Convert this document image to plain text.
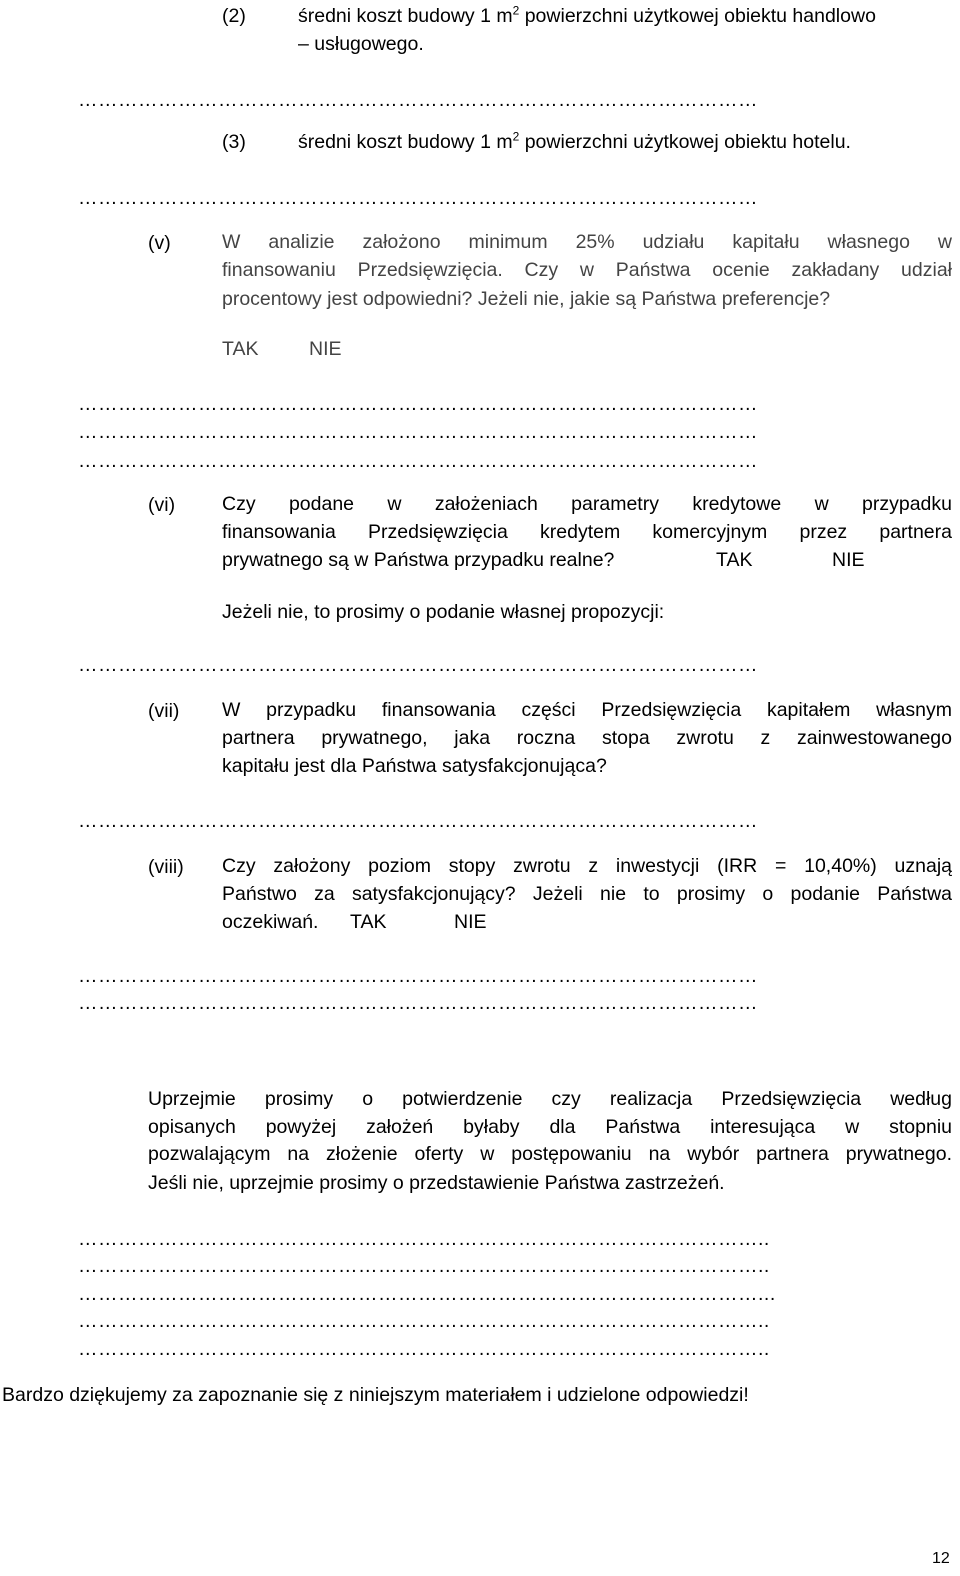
(2)	średni koszt budowy 1 $m^2$ powierzchni użytkowej obiektu handlowo
– usługowego.
…………………………………………………………………………………………
(3)	średni koszt budowy 1 $m^2$ powierzchni użytkowej obiektu hotelu.
…………………………………………………………………………………………
(v)	W analizie założono minimum 25% udziału kapitału własnego w
finansowaniu Przedsięwzięcia. Czy w Państwa ocenie zakładany udział
procentowy jest odpowiedni? Jeżeli nie, jakie są Państwa preferencje?
TAK	NIE
…………………………………………………………………………………………
…………………………………………………………………………………………
…………………………………………………………………………………………
(vi) Czy podane w założeniach parametry kredytowe w przypadku
finansowania Przedsięwzięcia kredytem komercyjnym przez partnera
prywatnego są w Państwa przypadku realne?	TAK	NIE
Jeżeli nie, to prosimy o podanie własnej propozycji:
…………………………………………………………………………………………
(vii) W przypadku finansowania części Przedsięwzięcia kapitałem własnym
partnera prywatnego, jaka roczna stopa zwrotu z zainwestowanego
kapitału jest dla Państwa satysfakcjonująca?
…………………………………………………………………………………………
(viii) Czy założony poziom stopy zwrotu z inwestycji (IRR = 10,40%) uznają
Państwo za satysfakcjonujący? Jeżeli nie to prosimy o podanie Państwa
oczekiwań. TAK	NIE
…………………………………………………………………………………………
…………………………………………………………………………………………
Uprzejmie prosimy o potwierdzenie czy realizacja Przedsięwzięcia według
opisanych powyżej założeń byłaby dla Państwa interesująca w stopniu
pozwalającym na złożenie oferty w postępowaniu na wybór partnera prywatnego.
Jeśli nie, uprzejmie prosimy o przedstawienie Państwa zastrzeżeń.
…………………………………………………………………………………………..
…………………………………………………………………………………………..
…………………………………………………………………………………………...
…………………………………………………………………………………………..
…………………………………………………………………………………………..
Bardzo dziękujemy za zapoznanie się z niniejszym materiałem i udzielone odpowiedzi!
12
